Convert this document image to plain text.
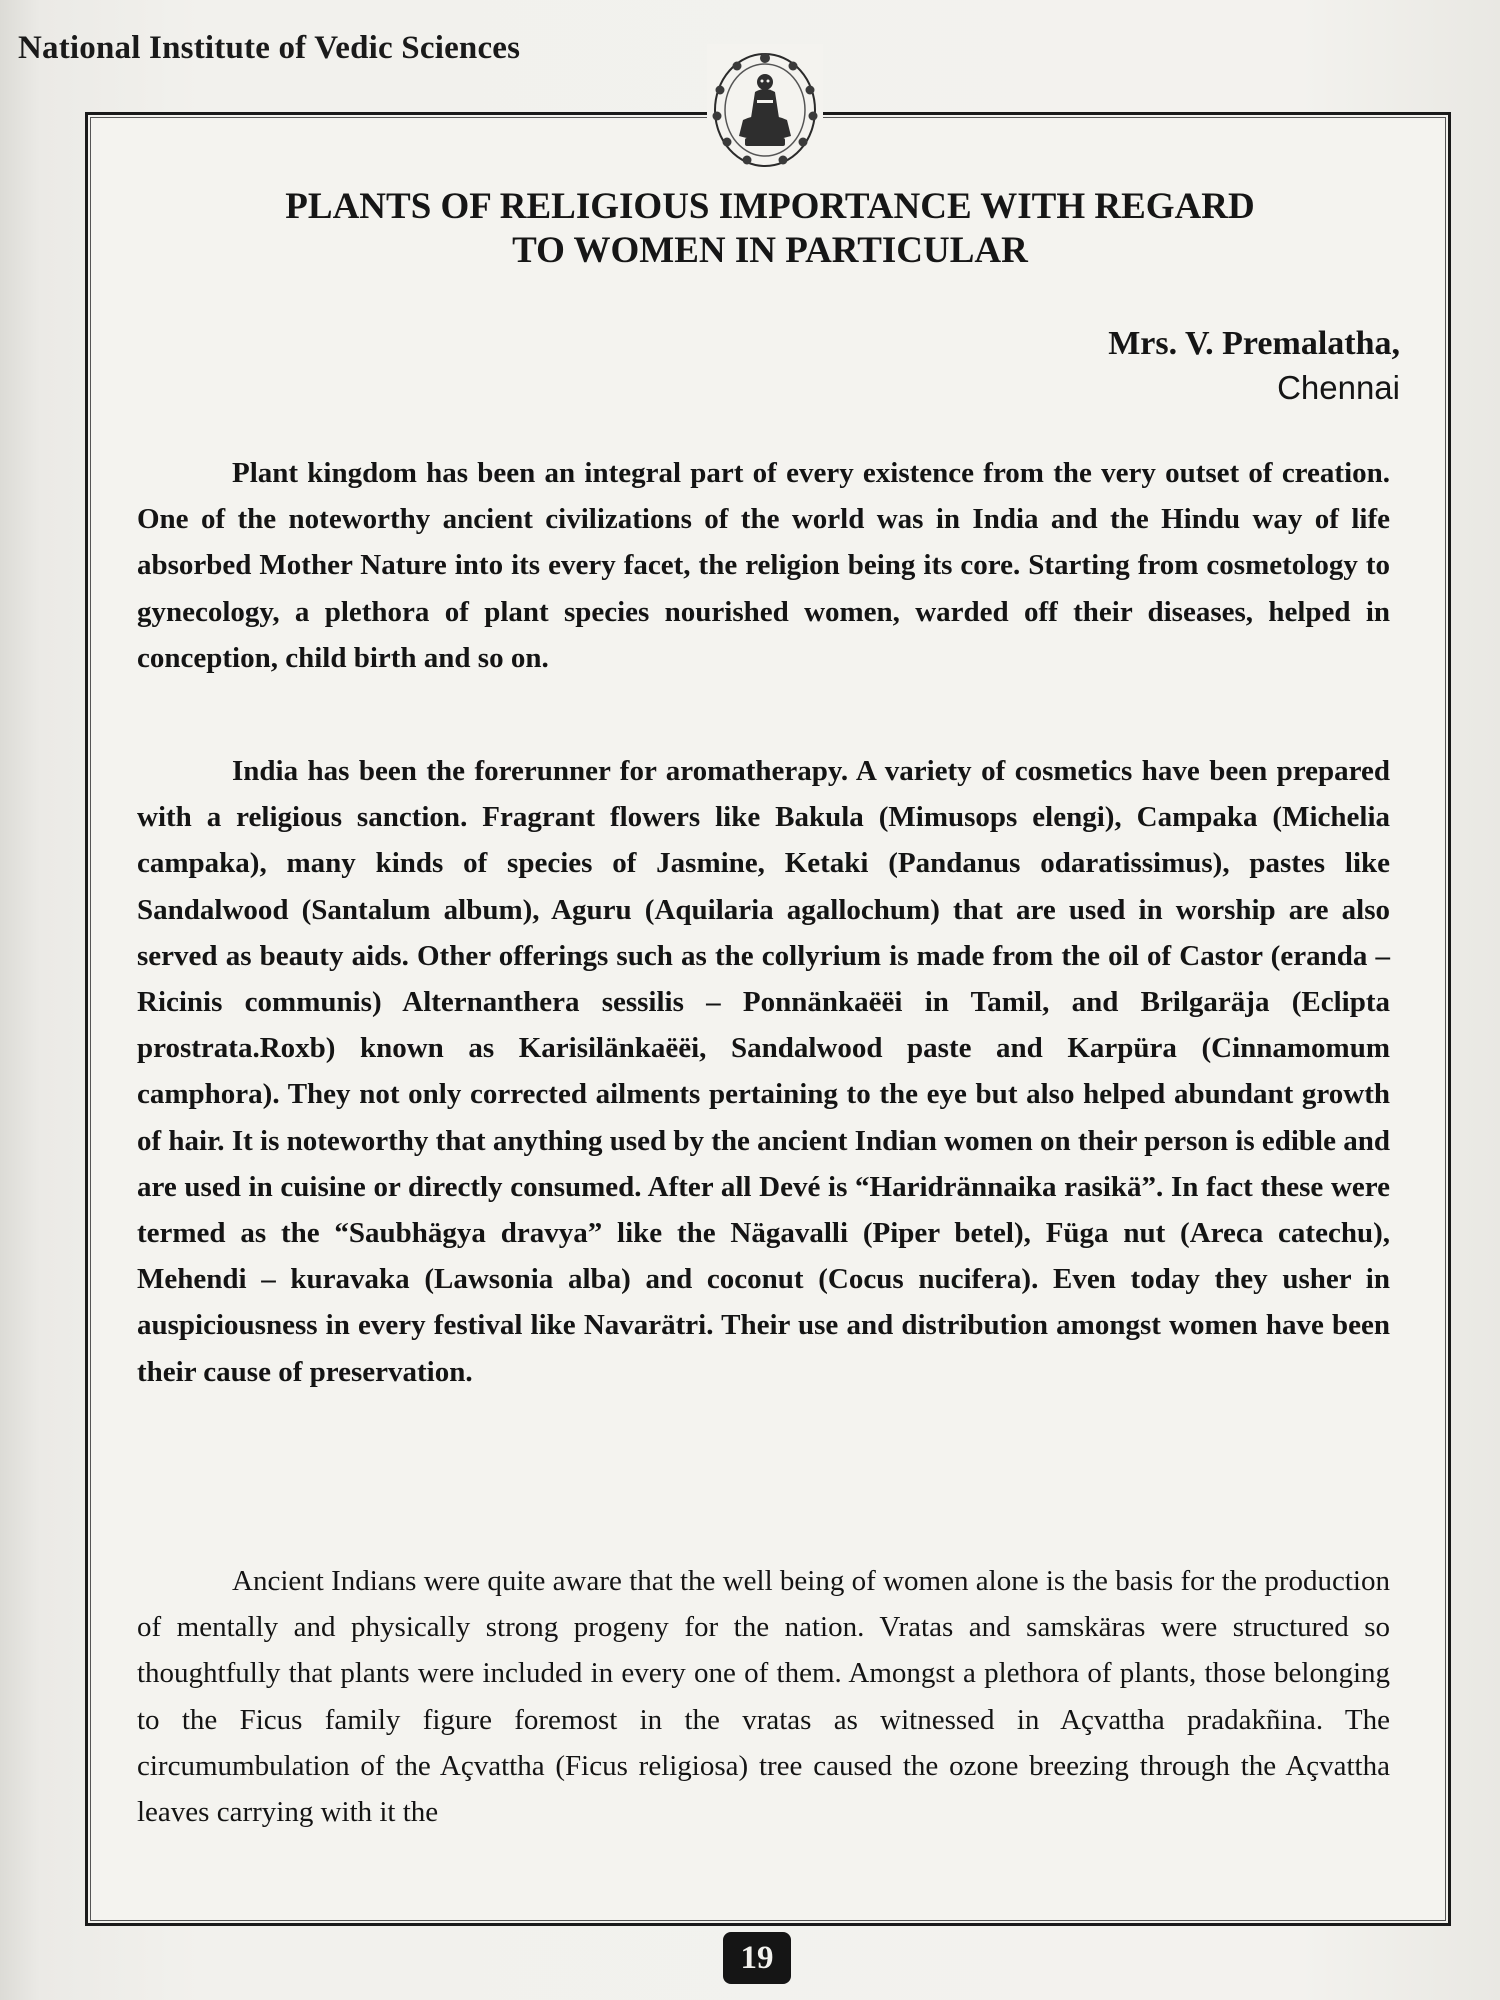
National Institute of Vedic Sciences
PLANTS OF RELIGIOUS IMPORTANCE WITH REGARD
TO WOMEN IN PARTICULAR
Mrs. V. Premalatha,
Chennai

Plant kingdom has been an integral part of every existence from the very outset of creation. One of the noteworthy ancient civilizations of the world was in India and the Hindu way of life absorbed Mother Nature into its every facet, the religion being its core. Starting from cosmetology to gynecology, a plethora of plant species nourished women, warded off their diseases, helped in conception, child birth and so on.

India has been the forerunner for aromatherapy. A variety of cosmetics have been prepared with a religious sanction. Fragrant flowers like Bakula (Mimusops elengi), Campaka (Michelia campaka), many kinds of species of Jasmine, Ketaki (Pandanus odaratissimus), pastes like Sandalwood (Santalum album), Aguru (Aquilaria agallochum) that are used in worship are also served as beauty aids. Other offerings such as the collyrium is made from the oil of Castor (eranda – Ricinis communis) Alternanthera sessilis – Ponnänkaëëi in Tamil, and Brilgaräja (Eclipta prostrata.Roxb) known as Karisilänkaëëi, Sandalwood paste and Karpüra (Cinnamomum camphora). They not only corrected ailments pertaining to the eye but also helped abundant growth of hair. It is noteworthy that anything used by the ancient Indian women on their person is edible and are used in cuisine or directly consumed. After all Devé is “Haridrännaika rasikä”. In fact these were termed as the “Saubhägya dravya” like the Nägavalli (Piper betel), Füga nut (Areca catechu), Mehendi – kuravaka (Lawsonia alba) and coconut (Cocus nucifera). Even today they usher in auspiciousness in every festival like Navarätri. Their use and distribution amongst women have been their cause of preservation.

Ancient Indians were quite aware that the well being of women alone is the basis for the production of mentally and physically strong progeny for the nation. Vratas and samskäras were structured so thoughtfully that plants were included in every one of them. Amongst a plethora of plants, those belonging to the Ficus family figure foremost in the vratas as witnessed in Açvattha pradakñina. The circumumbulation of the Açvattha (Ficus religiosa) tree caused the ozone breezing through the Açvattha leaves carrying with it the

19
